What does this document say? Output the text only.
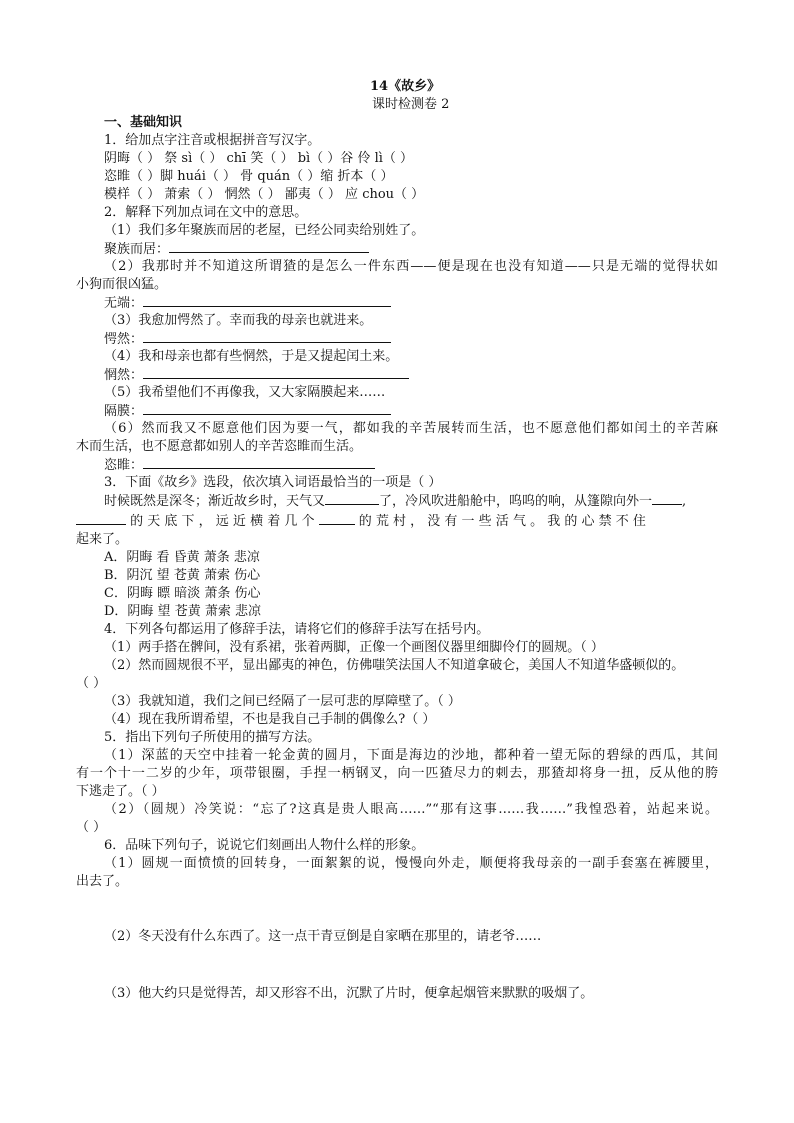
14《故乡》
课时检测卷 2
一、基础知识
1．给加点字注音或根据拼音写汉字。
阴晦（ ） 祭 sì（ ） chī 笑（ ） bì（ ）谷 伶 lì（ ）
恣睢（ ）脚 huái（ ） 骨 quán（ ）缩 折本（ ）
模样（ ） 萧索（ ） 惘然（ ） 鄙夷（ ） 应 chou（ ）
2．解释下列加点词在文中的意思。
（1）我们多年聚族而居的老屋，已经公同卖给别姓了。
聚族而居：
（2）我那时并不知道这所谓猹的是怎么一件东西——便是现在也没有知道——只是无端的觉得状如
小狗而很凶猛。
无端：
（3）我愈加愕然了。幸而我的母亲也就进来。
愕然：
（4）我和母亲也都有些惘然，于是又提起闰土来。
惘然：
（5）我希望他们不再像我，又大家隔膜起来……
隔膜：
（6）然而我又不愿意他们因为要一气，都如我的辛苦展转而生活，也不愿意他们都如闰土的辛苦麻
木而生活，也不愿意都如别人的辛苦恣睢而生活。
恣睢：
3．下面《故乡》选段，依次填入词语最恰当的一项是（ ）
时候既然是深冬；渐近故乡时，天气又	了，冷风吹进船舱中，呜呜的响，从篷隙向外一 ,
的 天 底 下 ， 远 近 横 着 几 个	的 荒 村 ， 没 有 一 些 活 气 。 我 的 心 禁 不 住
起来了。
A．阴晦 看 昏黄 萧条 悲凉
B．阴沉 望 苍黄 萧索 伤心
C．阴晦 瞟 暗淡 萧条 伤心
D．阴晦 望 苍黄 萧索 悲凉
4．下列各句都运用了修辞手法，请将它们的修辞手法写在括号内。
（1）两手搭在髀间，没有系裙，张着两脚，正像一个画图仪器里细脚伶仃的圆规。（ ）
（2）然而圆规很不平，显出鄙夷的神色，仿佛嗤笑法国人不知道拿破仑，美国人不知道华盛顿似的。
（ ）
（3）我就知道，我们之间已经隔了一层可悲的厚障壁了。（ ）
（4）现在我所谓希望，不也是我自己手制的偶像么?（ ）
5．指出下列句子所使用的描写方法。
（1）深蓝的天空中挂着一轮金黄的圆月，下面是海边的沙地，都种着一望无际的碧绿的西瓜，其间
有一个十一二岁的少年，项带银圈，手捏一柄钢叉，向一匹猹尽力的刺去，那猹却将身一扭，反从他的胯
下逃走了。（ ）
（2）（圆规）冷笑说：“忘了?这真是贵人眼高……”“那有这事……我……”我惶恐着，站起来说。
（ ）
6．品味下列句子，说说它们刻画出人物什么样的形象。
（1）圆规一面愤愤的回转身，一面絮絮的说，慢慢向外走，顺便将我母亲的一副手套塞在裤腰里，
出去了。
（2）冬天没有什么东西了。这一点干青豆倒是自家晒在那里的，请老爷……
（3）他大约只是觉得苦，却又形容不出，沉默了片时，便拿起烟管来默默的吸烟了。
